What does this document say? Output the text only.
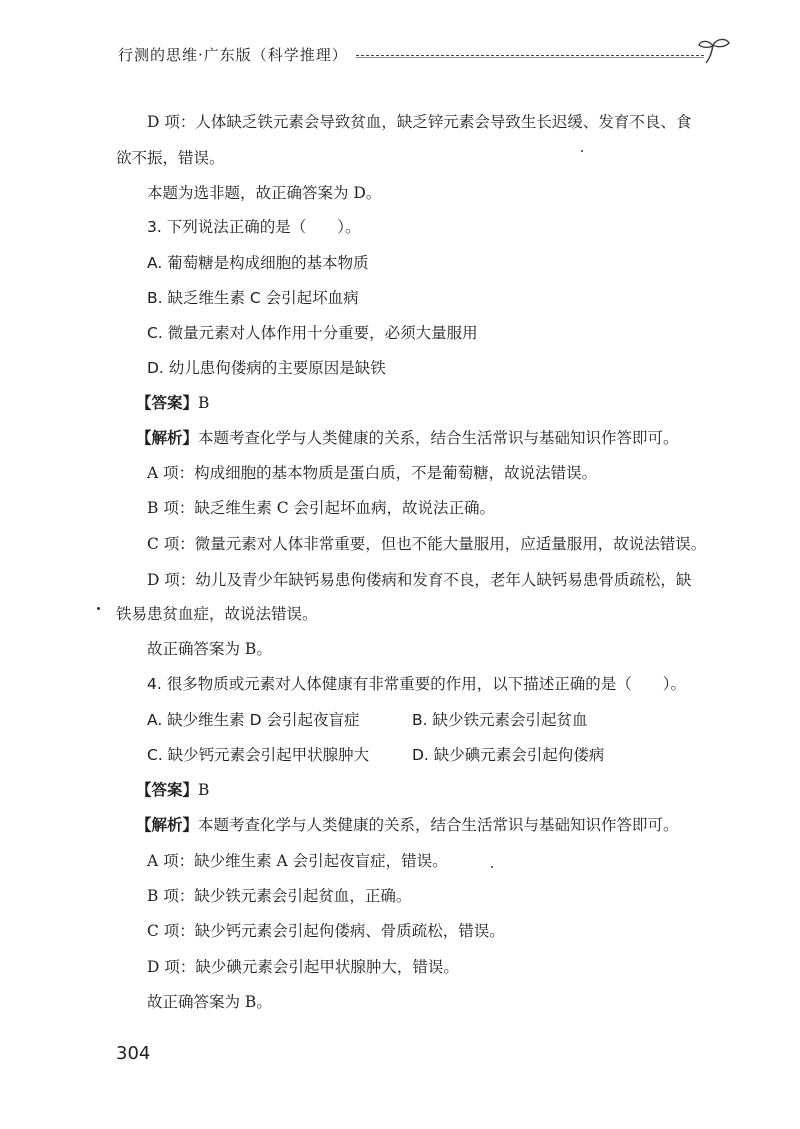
行测的思维·广东版（科学推理）
D 项：人体缺乏铁元素会导致贫血，缺乏锌元素会导致生长迟缓、发育不良、食
欲不振，错误。
本题为选非题，故正确答案为 D。
3. 下列说法正确的是（　　）。
A. 葡萄糖是构成细胞的基本物质
B. 缺乏维生素 C 会引起坏血病
C. 微量元素对人体作用十分重要，必须大量服用
D. 幼儿患佝偻病的主要原因是缺铁
【答案】B
【解析】本题考查化学与人类健康的关系，结合生活常识与基础知识作答即可。
A 项：构成细胞的基本物质是蛋白质，不是葡萄糖，故说法错误。
B 项：缺乏维生素 C 会引起坏血病，故说法正确。
C 项：微量元素对人体非常重要，但也不能大量服用，应适量服用，故说法错误。
D 项：幼儿及青少年缺钙易患佝偻病和发育不良，老年人缺钙易患骨质疏松，缺
铁易患贫血症，故说法错误。
故正确答案为 B。
4. 很多物质或元素对人体健康有非常重要的作用，以下描述正确的是（　　）。
A. 缺少维生素 D 会引起夜盲症	B. 缺少铁元素会引起贫血
C. 缺少钙元素会引起甲状腺肿大	D. 缺少碘元素会引起佝偻病
【答案】B
【解析】本题考查化学与人类健康的关系，结合生活常识与基础知识作答即可。
A 项：缺少维生素 A 会引起夜盲症，错误。
B 项：缺少铁元素会引起贫血，正确。
C 项：缺少钙元素会引起佝偻病、骨质疏松，错误。
D 项：缺少碘元素会引起甲状腺肿大，错误。
故正确答案为 B。
304
